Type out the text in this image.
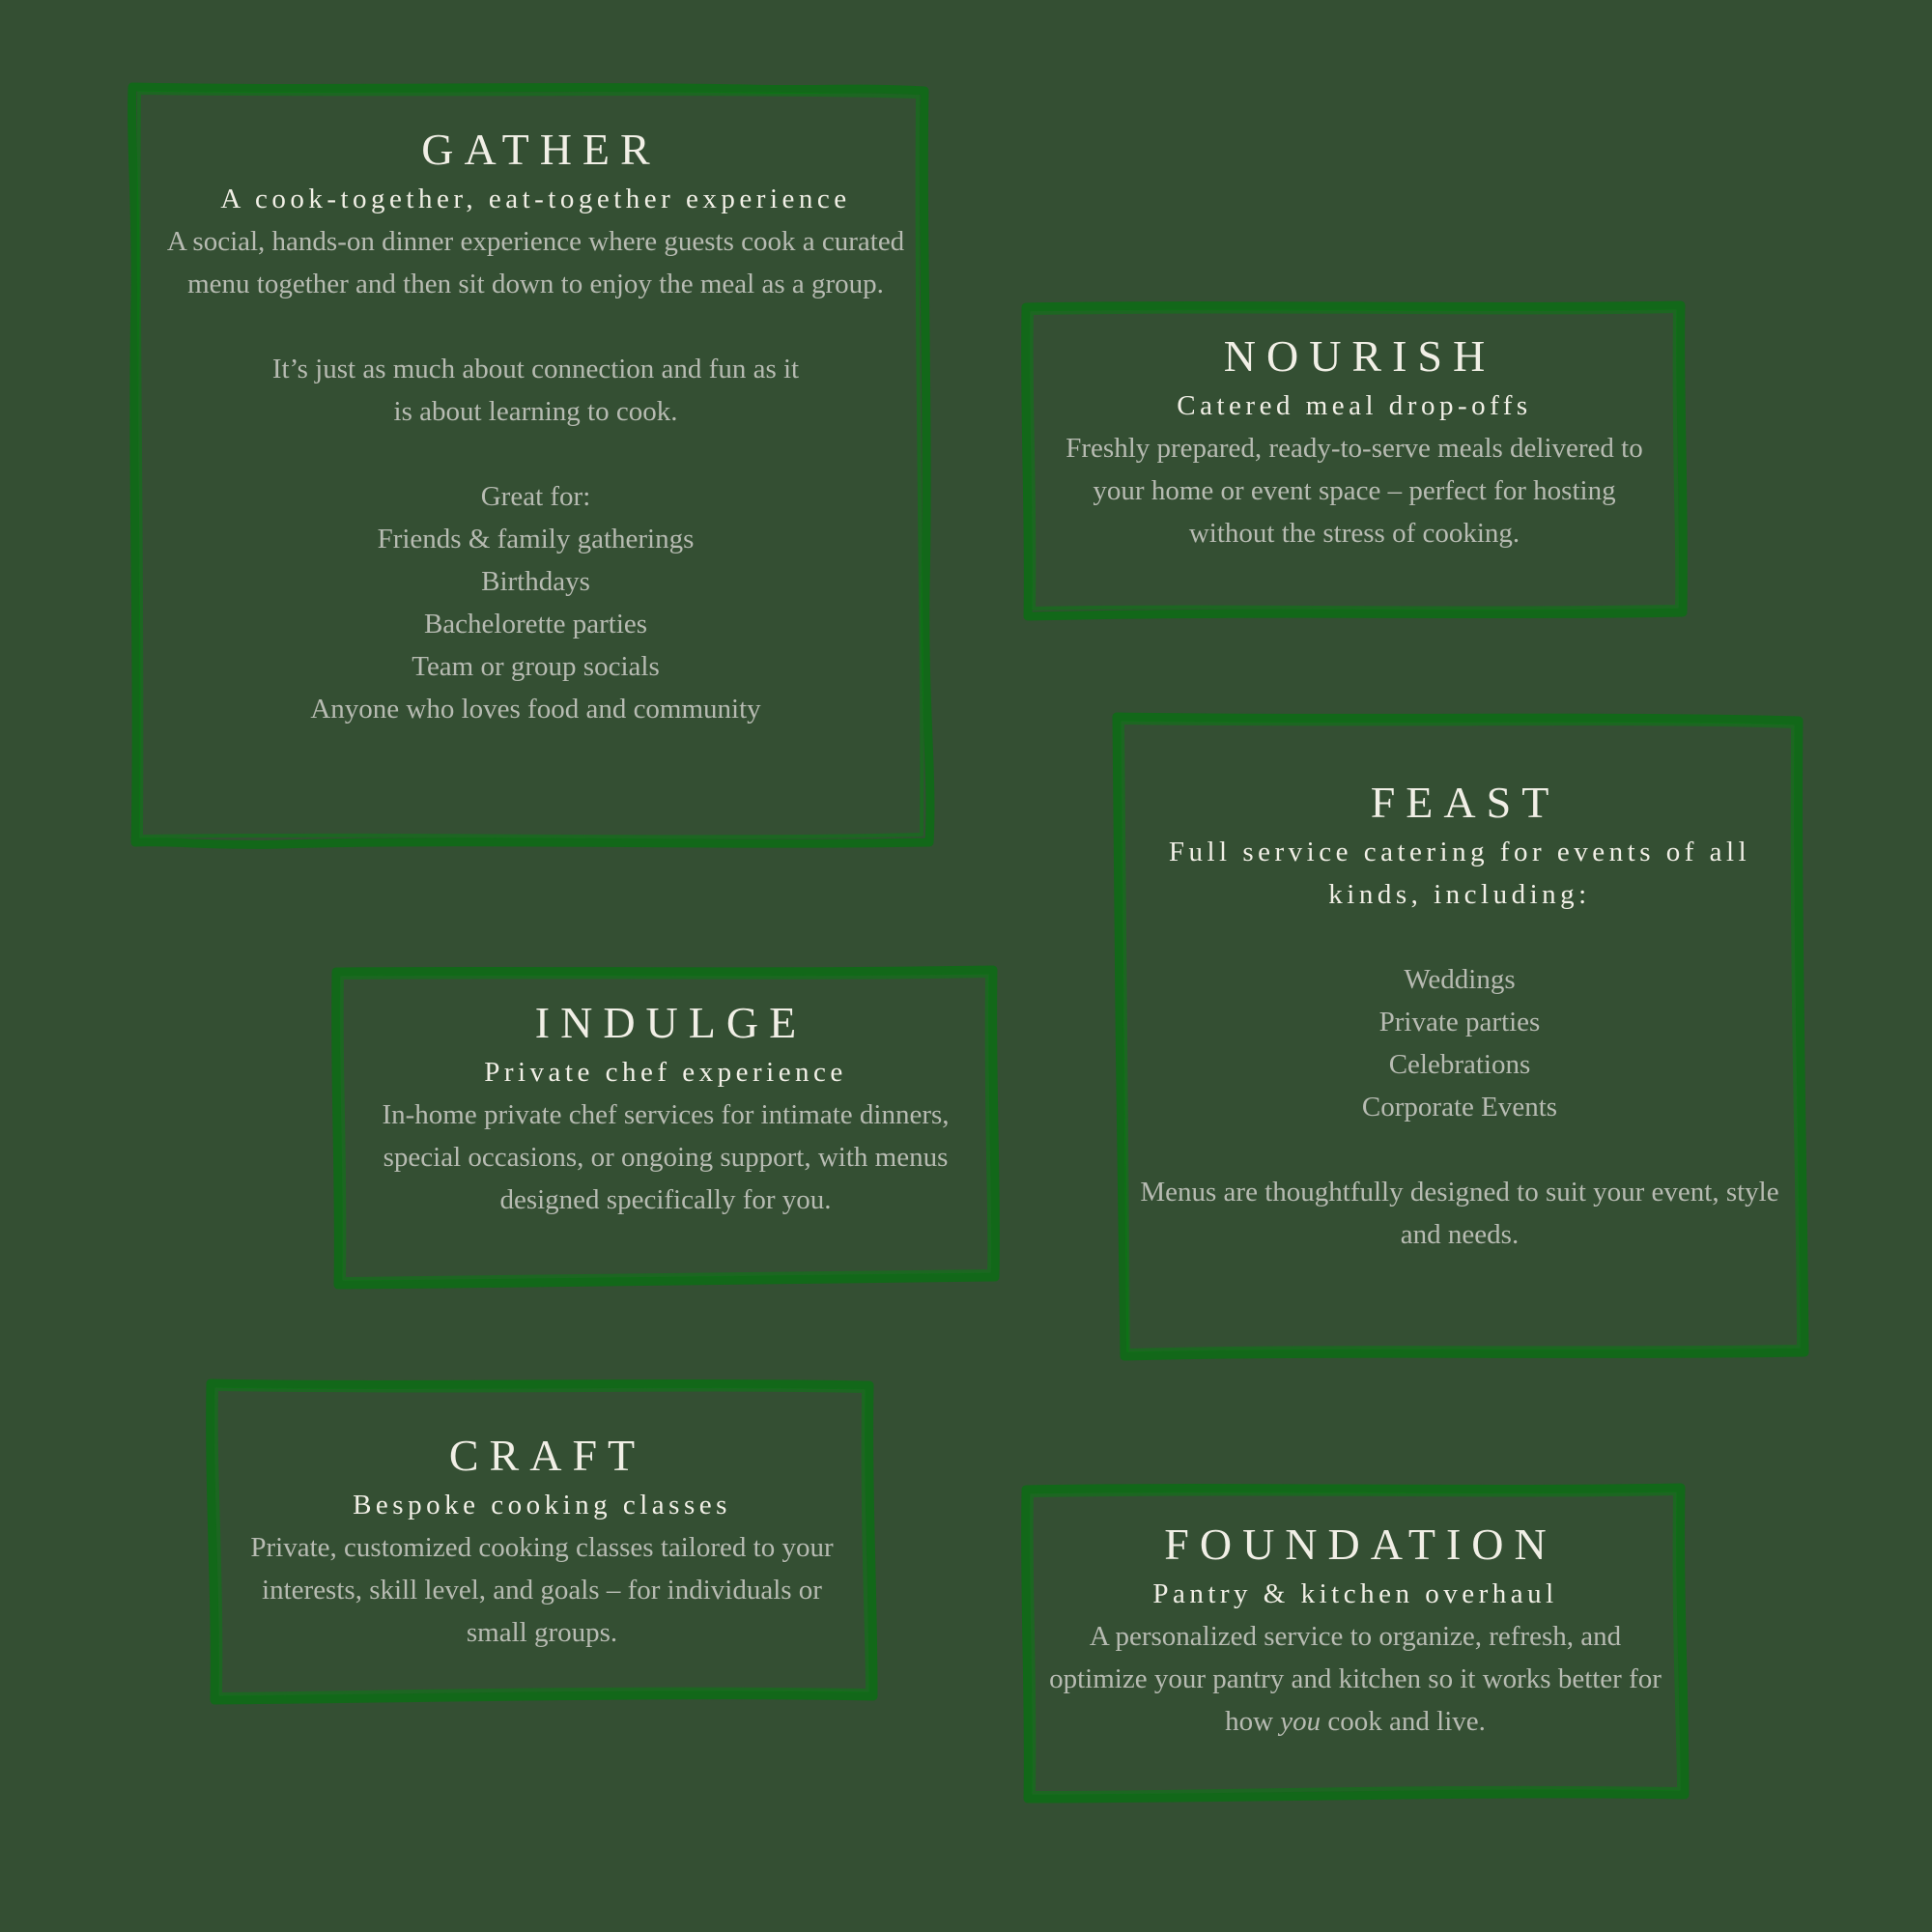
GATHER

A cook-together, eat-together experience

A social, hands-on dinner experience where guests cook a curated menu together and then sit down to enjoy the meal as a group.

It’s just as much about connection and fun as it is about learning to cook.

Great for:

Friends & family gatherings
Birthdays
Bachelorette parties
Team or group socials
Anyone who loves food and community

NOURISH

Catered meal drop-offs

Freshly prepared, ready-to-serve meals delivered to your home or event space – perfect for hosting without the stress of cooking.

FEAST

Full service catering for events of all kinds, including:

Weddings
Private parties
Celebrations
Corporate Events

Menus are thoughtfully designed to suit your event, style and needs.

INDULGE

Private chef experience

In-home private chef services for intimate dinners, special occasions, or ongoing support, with menus designed specifically for you.

CRAFT

Bespoke cooking classes

Private, customized cooking classes tailored to your interests, skill level, and goals – for individuals or small groups.

FOUNDATION

Pantry & kitchen overhaul

A personalized service to organize, refresh, and optimize your pantry and kitchen so it works better for how you cook and live.
